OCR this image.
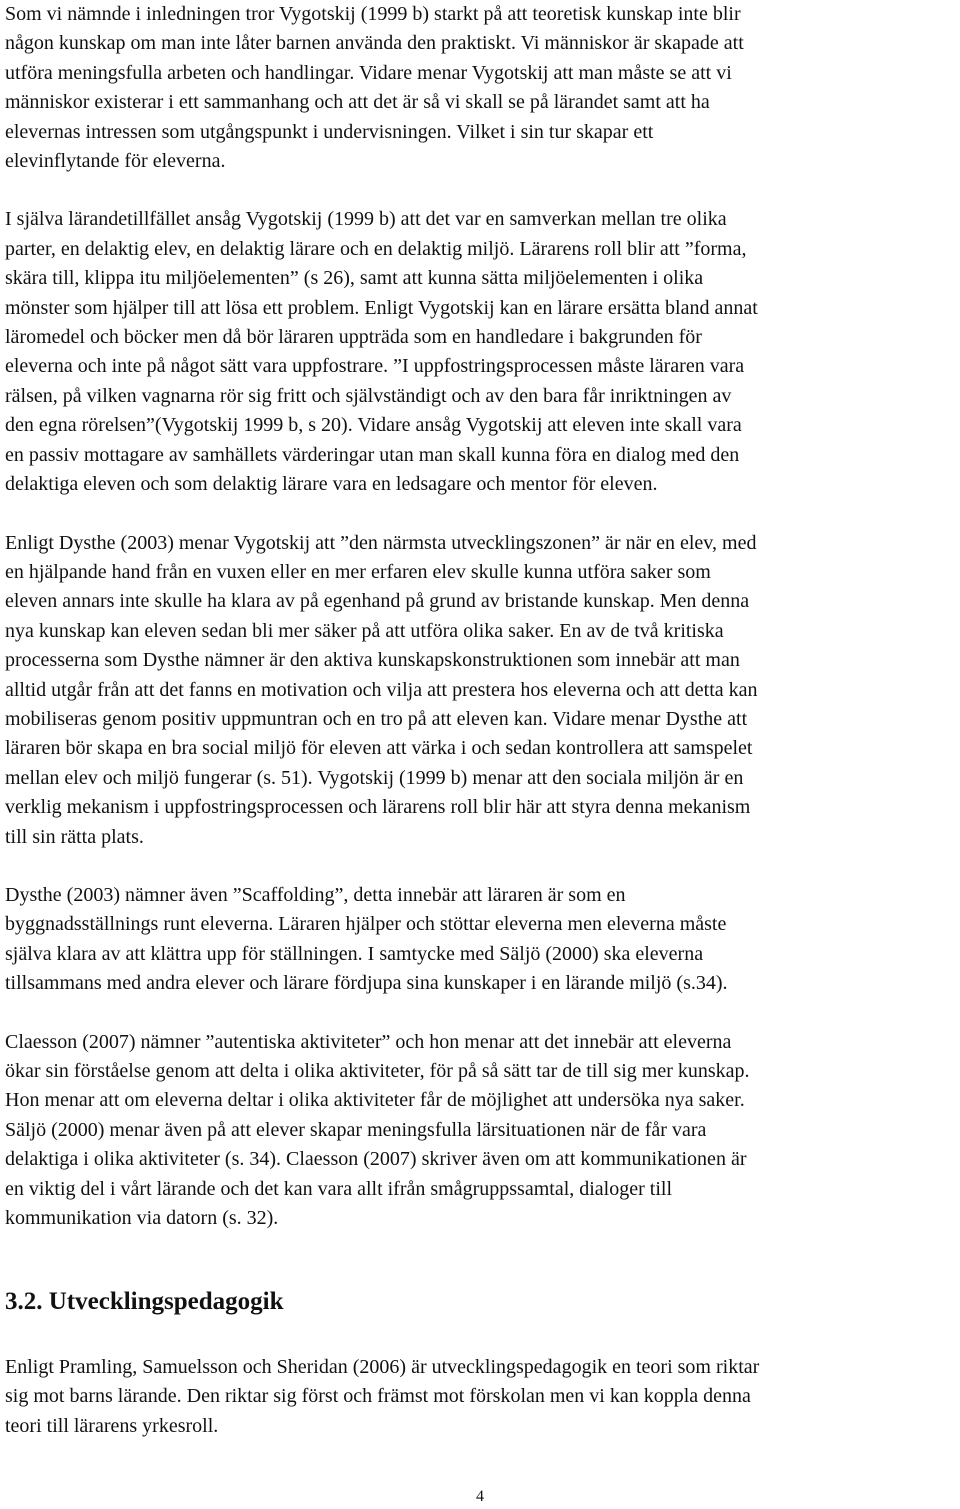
Som vi nämnde i inledningen tror Vygotskij (1999 b) starkt på att teoretisk kunskap inte blir
någon kunskap om man inte låter barnen använda den praktiskt. Vi människor är skapade att
utföra meningsfulla arbeten och handlingar. Vidare menar Vygotskij att man måste se att vi
människor existerar i ett sammanhang och att det är så vi skall se på lärandet samt att ha
elevernas intressen som utgångspunkt i undervisningen. Vilket i sin tur skapar ett
elevinflytande för eleverna.

I själva lärandetillfället ansåg Vygotskij (1999 b) att det var en samverkan mellan tre olika
parter, en delaktig elev, en delaktig lärare och en delaktig miljö. Lärarens roll blir att ”forma,
skära till, klippa itu miljöelementen” (s 26), samt att kunna sätta miljöelementen i olika
mönster som hjälper till att lösa ett problem. Enligt Vygotskij kan en lärare ersätta bland annat
läromedel och böcker men då bör läraren uppträda som en handledare i bakgrunden för
eleverna och inte på något sätt vara uppfostrare. ”I uppfostringsprocessen måste läraren vara
rälsen, på vilken vagnarna rör sig fritt och självständigt och av den bara får inriktningen av
den egna rörelsen”(Vygotskij 1999 b, s 20). Vidare ansåg Vygotskij att eleven inte skall vara
en passiv mottagare av samhällets värderingar utan man skall kunna föra en dialog med den
delaktiga eleven och som delaktig lärare vara en ledsagare och mentor för eleven.

Enligt Dysthe (2003) menar Vygotskij att ”den närmsta utvecklingszonen” är när en elev, med
en hjälpande hand från en vuxen eller en mer erfaren elev skulle kunna utföra saker som
eleven annars inte skulle ha klara av på egenhand på grund av bristande kunskap. Men denna
nya kunskap kan eleven sedan bli mer säker på att utföra olika saker. En av de två kritiska
processerna som Dysthe nämner är den aktiva kunskapskonstruktionen som innebär att man
alltid utgår från att det fanns en motivation och vilja att prestera hos eleverna och att detta kan
mobiliseras genom positiv uppmuntran och en tro på att eleven kan. Vidare menar Dysthe att
läraren bör skapa en bra social miljö för eleven att värka i och sedan kontrollera att samspelet
mellan elev och miljö fungerar (s. 51). Vygotskij (1999 b) menar att den sociala miljön är en
verklig mekanism i uppfostringsprocessen och lärarens roll blir här att styra denna mekanism
till sin rätta plats.

Dysthe (2003) nämner även ”Scaffolding”, detta innebär att läraren är som en
byggnadsställnings runt eleverna. Läraren hjälper och stöttar eleverna men eleverna måste
själva klara av att klättra upp för ställningen. I samtycke med Säljö (2000) ska eleverna
tillsammans med andra elever och lärare fördjupa sina kunskaper i en lärande miljö (s.34).

Claesson (2007) nämner ”autentiska aktiviteter” och hon menar att det innebär att eleverna
ökar sin förståelse genom att delta i olika aktiviteter, för på så sätt tar de till sig mer kunskap.
Hon menar att om eleverna deltar i olika aktiviteter får de möjlighet att undersöka nya saker.
Säljö (2000) menar även på att elever skapar meningsfulla lärsituationen när de får vara
delaktiga i olika aktiviteter (s. 34). Claesson (2007) skriver även om att kommunikationen är
en viktig del i vårt lärande och det kan vara allt ifrån smågruppssamtal, dialoger till
kommunikation via datorn (s. 32).

3.2. Utvecklingspedagogik

Enligt Pramling, Samuelsson och Sheridan (2006) är utvecklingspedagogik en teori som riktar
sig mot barns lärande. Den riktar sig först och främst mot förskolan men vi kan koppla denna
teori till lärarens yrkesroll.

4
